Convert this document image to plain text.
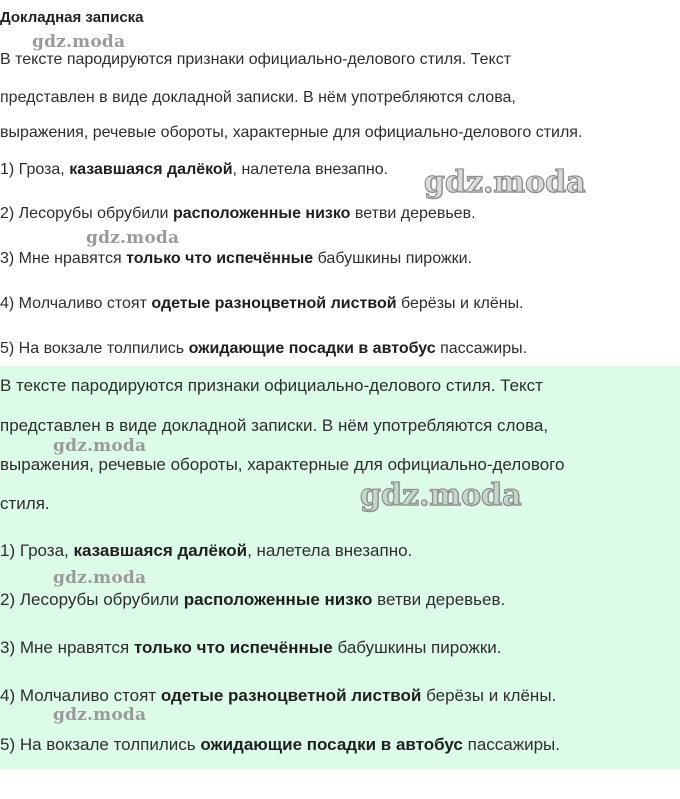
Докладная записка
В тексте пародируются признаки официально-делового стиля. Текст
представлен в виде докладной записки. В нём употребляются слова,
выражения, речевые обороты, характерные для официально-делового стиля.
1) Гроза, казавшаяся далёкой, налетела внезапно.
2) Лесорубы обрубили расположенные низко ветви деревьев.
3) Мне нравятся только что испечённые бабушкины пирожки.
4) Молчаливо стоят одетые разноцветной листвой берёзы и клёны.
5) На вокзале толпились ожидающие посадки в автобус пассажиры.
В тексте пародируются признаки официально-делового стиля. Текст
представлен в виде докладной записки. В нём употребляются слова,
выражения, речевые обороты, характерные для официально-делового
стиля.
1) Гроза, казавшаяся далёкой, налетела внезапно.
2) Лесорубы обрубили расположенные низко ветви деревьев.
3) Мне нравятся только что испечённые бабушкины пирожки.
4) Молчаливо стоят одетые разноцветной листвой берёзы и клёны.
5) На вокзале толпились ожидающие посадки в автобус пассажиры.
gdz.moda
gdz.moda
gdz.moda
gdz.moda
gdz.moda
gdz.moda
gdz.moda
